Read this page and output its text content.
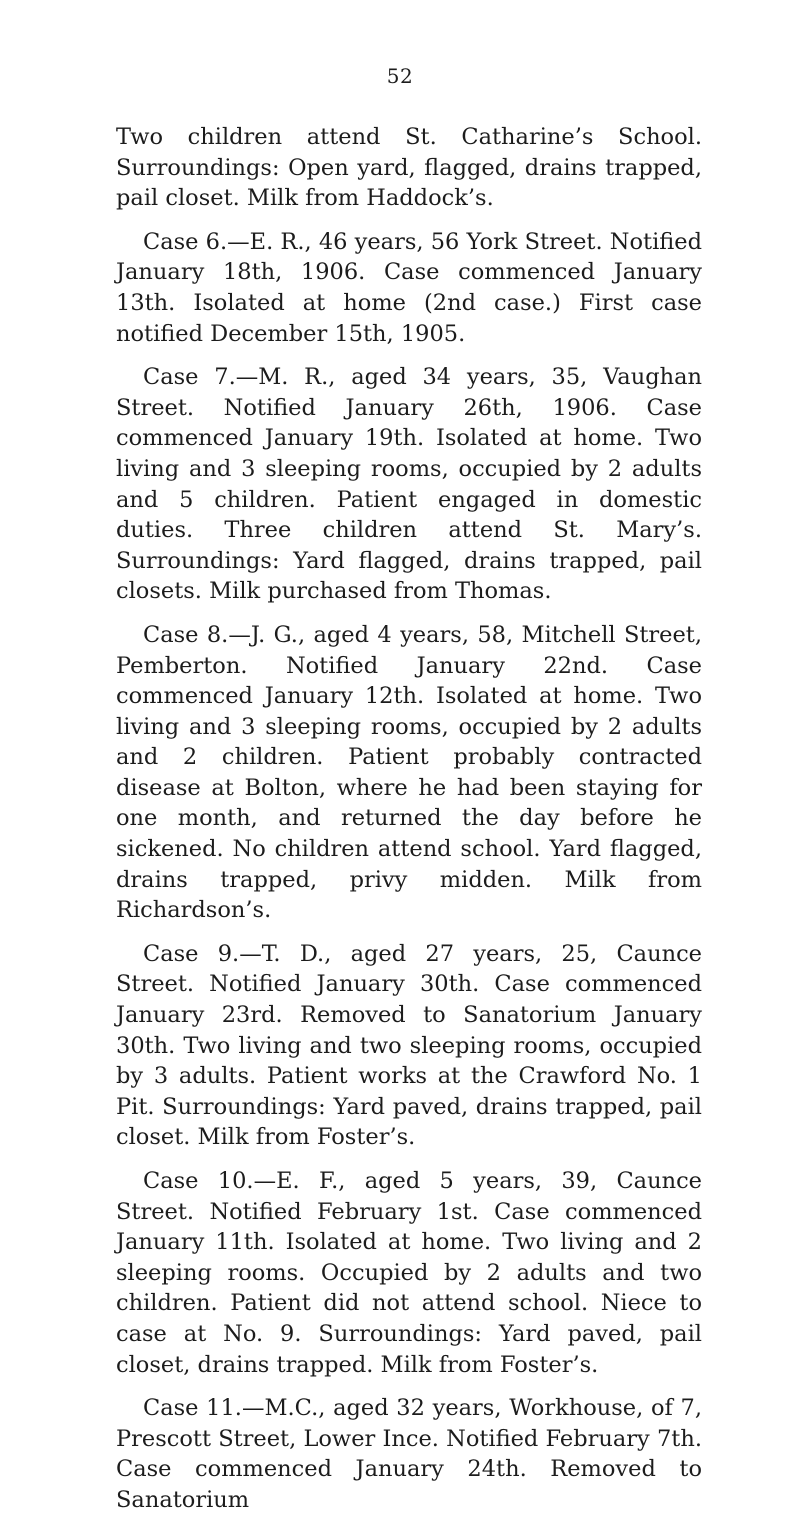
52

Two children attend St. Catharine’s School. Surroundings: Open yard, flagged, drains trapped, pail closet. Milk from Haddock’s.

Case 6.—E. R., 46 years, 56 York Street. Notified January 18th, 1906. Case commenced January 13th. Isolated at home (2nd case.) First case notified December 15th, 1905.

Case 7.—M. R., aged 34 years, 35, Vaughan Street. Notified January 26th, 1906. Case commenced January 19th. Isolated at home. Two living and 3 sleeping rooms, occupied by 2 adults and 5 children. Patient engaged in domestic duties. Three children attend St. Mary’s. Surroundings: Yard flagged, drains trapped, pail closets. Milk purchased from Thomas.

Case 8.—J. G., aged 4 years, 58, Mitchell Street, Pemberton. Notified January 22nd. Case commenced January 12th. Isolated at home. Two living and 3 sleeping rooms, occupied by 2 adults and 2 children. Patient probably contracted disease at Bolton, where he had been staying for one month, and returned the day before he sickened. No children attend school. Yard flagged, drains trapped, privy midden. Milk from Richardson’s.

Case 9.—T. D., aged 27 years, 25, Caunce Street. Notified January 30th. Case commenced January 23rd. Removed to Sanatorium January 30th. Two living and two sleeping rooms, occupied by 3 adults. Patient works at the Crawford No. 1 Pit. Surroundings: Yard paved, drains trapped, pail closet. Milk from Foster’s.

Case 10.—E. F., aged 5 years, 39, Caunce Street. Notified February 1st. Case commenced January 11th. Isolated at home. Two living and 2 sleeping rooms. Occupied by 2 adults and two children. Patient did not attend school. Niece to case at No. 9. Surroundings: Yard paved, pail closet, drains trapped. Milk from Foster’s.

Case 11.—M.C., aged 32 years, Workhouse, of 7, Prescott Street, Lower Ince. Notified February 7th. Case commenced January 24th. Removed to Sanatorium
